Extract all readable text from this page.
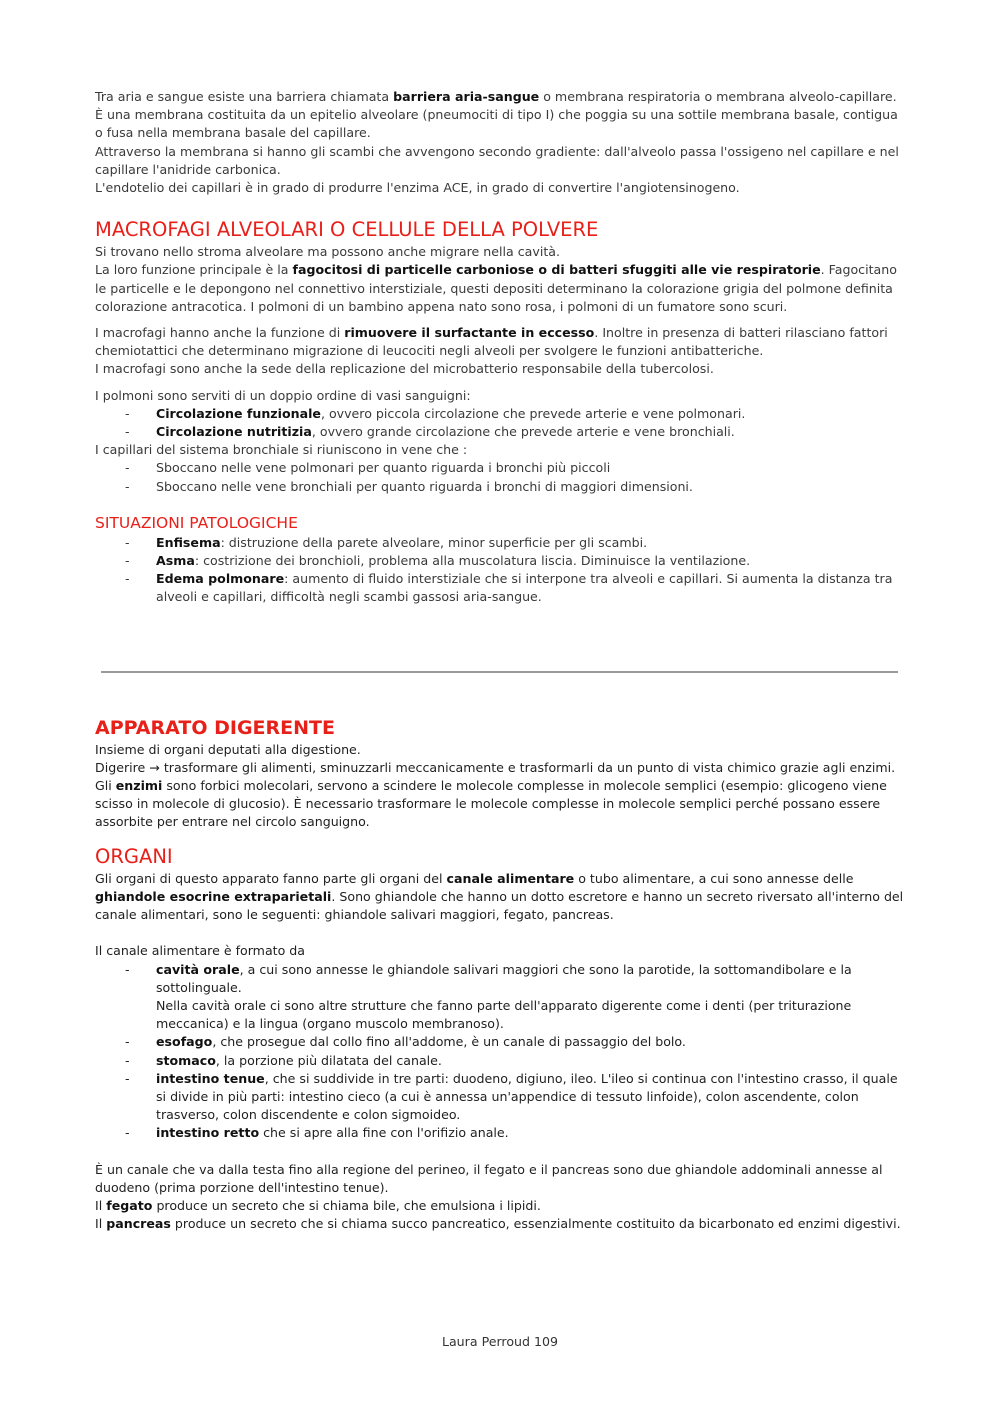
Tra aria e sangue esiste una barriera chiamata barriera aria-sangue o membrana respiratoria o membrana alveolo-capillare. È una membrana costituita da un epitelio alveolare (pneumociti di tipo I) che poggia su una sottile membrana basale, contigua o fusa nella membrana basale del capillare.

Attraverso la membrana si hanno gli scambi che avvengono secondo gradiente: dall'alveolo passa l'ossigeno nel capillare e nel capillare l'anidride carbonica.

L'endotelio dei capillari è in grado di produrre l'enzima ACE, in grado di convertire l'angiotensinogeno.

MACROFAGI ALVEOLARI O CELLULE DELLA POLVERE

Si trovano nello stroma alveolare ma possono anche migrare nella cavità.

La loro funzione principale è la fagocitosi di particelle carboniose o di batteri sfuggiti alle vie respiratorie. Fagocitano le particelle e le depongono nel connettivo interstiziale, questi depositi determinano la colorazione grigia del polmone definita colorazione antracotica. I polmoni di un bambino appena nato sono rosa, i polmoni di un fumatore sono scuri.

I macrofagi hanno anche la funzione di rimuovere il surfactante in eccesso. Inoltre in presenza di batteri rilasciano fattori chemiotattici che determinano migrazione di leucociti negli alveoli per svolgere le funzioni antibatteriche.

I macrofagi sono anche la sede della replicazione del microbatterio responsabile della tubercolosi.

I polmoni sono serviti di un doppio ordine di vasi sanguigni:

- Circolazione funzionale, ovvero piccola circolazione che prevede arterie e vene polmonari.
- Circolazione nutritizia, ovvero grande circolazione che prevede arterie e vene bronchiali.

I capillari del sistema bronchiale si riuniscono in vene che :

- Sboccano nelle vene polmonari per quanto riguarda i bronchi più piccoli
- Sboccano nelle vene bronchiali per quanto riguarda i bronchi di maggiori dimensioni.
SITUAZIONI PATOLOGICHE
- Enfisema: distruzione della parete alveolare, minor superficie per gli scambi.
- Asma: costrizione dei bronchioli, problema alla muscolatura liscia. Diminuisce la ventilazione.
- Edema polmonare: aumento di fluido interstiziale che si interpone tra alveoli e capillari. Si aumenta la distanza tra alveoli e capillari, difficoltà negli scambi gassosi aria-sangue.
APPARATO DIGERENTE

Insieme di organi deputati alla digestione.

Digerire → trasformare gli alimenti, sminuzzarli meccanicamente e trasformarli da un punto di vista chimico grazie agli enzimi.

Gli enzimi sono forbici molecolari, servono a scindere le molecole complesse in molecole semplici (esempio: glicogeno viene scisso in molecole di glucosio). È necessario trasformare le molecole complesse in molecole semplici perché possano essere assorbite per entrare nel circolo sanguigno.

ORGANI

Gli organi di questo apparato fanno parte gli organi del canale alimentare o tubo alimentare, a cui sono annesse delle ghiandole esocrine extraparietali. Sono ghiandole che hanno un dotto escretore e hanno un secreto riversato all'interno del canale alimentari, sono le seguenti: ghiandole salivari maggiori, fegato, pancreas.

Il canale alimentare è formato da

- cavità orale, a cui sono annesse le ghiandole salivari maggiori che sono la parotide, la sottomandibolare e la sottolinguale.
Nella cavità orale ci sono altre strutture che fanno parte dell'apparato digerente come i denti (per triturazione meccanica) e la lingua (organo muscolo membranoso).
- esofago, che prosegue dal collo fino all'addome, è un canale di passaggio del bolo.
- stomaco, la porzione più dilatata del canale.
- intestino tenue, che si suddivide in tre parti: duodeno, digiuno, ileo. L'ileo si continua con l'intestino crasso, il quale si divide in più parti: intestino cieco (a cui è annessa un'appendice di tessuto linfoide), colon ascendente, colon trasverso, colon discendente e colon sigmoideo.
- intestino retto che si apre alla fine con l'orifizio anale.

È un canale che va dalla testa fino alla regione del perineo, il fegato e il pancreas sono due ghiandole addominali annesse al duodeno (prima porzione dell'intestino tenue).

Il fegato produce un secreto che si chiama bile, che emulsiona i lipidi.

Il pancreas produce un secreto che si chiama succo pancreatico, essenzialmente costituito da bicarbonato ed enzimi digestivi.

Laura Perroud 109
